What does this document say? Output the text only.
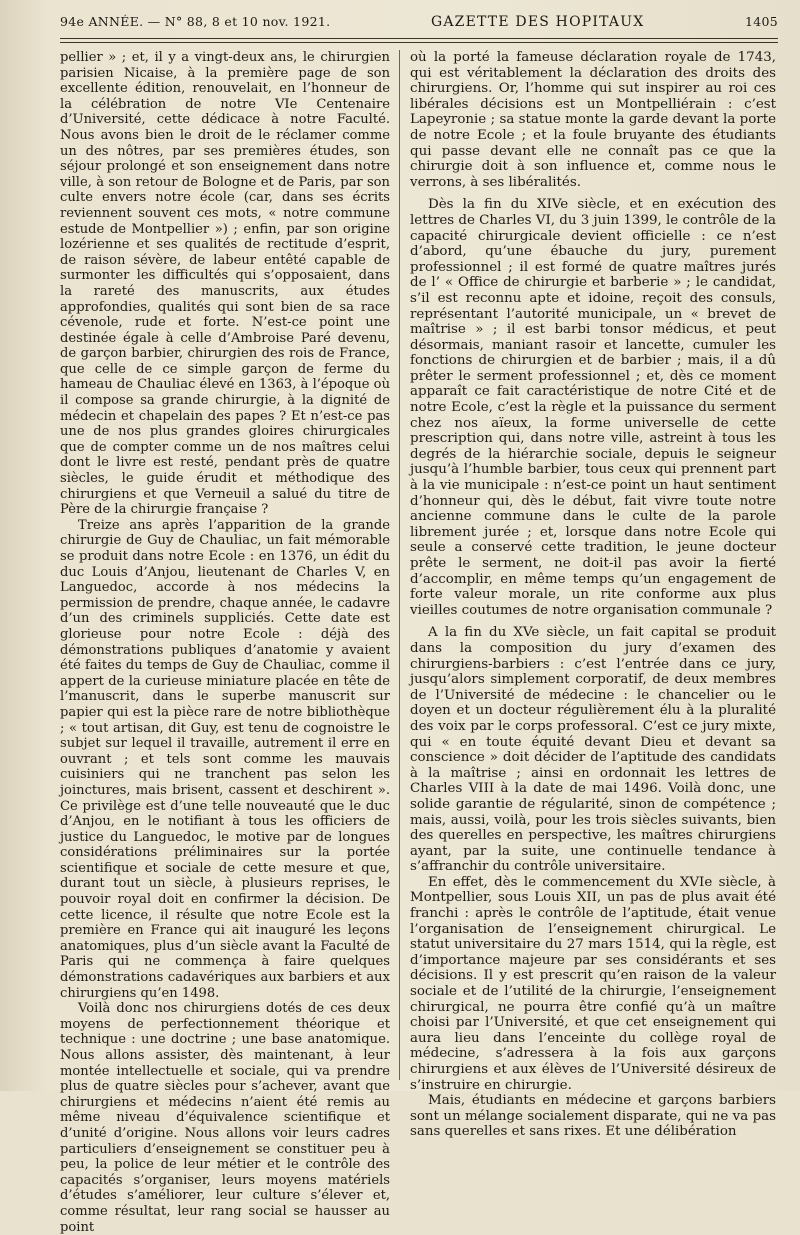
94e ANNÉE. — N° 88, 8 et 10 nov. 1921.	GAZETTE DES HOPITAUX	1405

pellier » ; et, il y a vingt-deux ans, le chirurgien parisien Nicaise, à la première page de son excellente édition, renouvelait, en l’honneur de la célébration de notre VIe Centenaire d’Université, cette dédicace à notre Faculté. Nous avons bien le droit de le réclamer comme un des nôtres, par ses premières études, son séjour prolongé et son enseignement dans notre ville, à son retour de Bologne et de Paris, par son culte envers notre école (car, dans ses écrits reviennent souvent ces mots, « notre commune estude de Montpellier ») ; enfin, par son origine lozérienne et ses qualités de rectitude d’esprit, de raison sévère, de labeur entêté capable de surmonter les difficultés qui s’opposaient, dans la rareté des manuscrits, aux études approfondies, qualités qui sont bien de sa race cévenole, rude et forte. N’est-ce point une destinée égale à celle d’Ambroise Paré devenu, de garçon barbier, chirurgien des rois de France, que celle de ce simple garçon de ferme du hameau de Chauliac élevé en 1363, à l’époque où il compose sa grande chirurgie, à la dignité de médecin et chapelain des papes ? Et n’est-ce pas une de nos plus grandes gloires chirurgicales que de compter comme un de nos maîtres celui dont le livre est resté, pendant près de quatre siècles, le guide érudit et méthodique des chirurgiens et que Verneuil a salué du titre de Père de la chirurgie française ?

Treize ans après l’apparition de la grande chirurgie de Guy de Chauliac, un fait mémorable se produit dans notre Ecole : en 1376, un édit du duc Louis d’Anjou, lieutenant de Charles V, en Languedoc, accorde à nos médecins la permission de prendre, chaque année, le cadavre d’un des criminels suppliciés. Cette date est glorieuse pour notre Ecole : déjà des démonstrations publiques d’anatomie y avaient été faites du temps de Guy de Chauliac, comme il appert de la curieuse miniature placée en tête de l’manuscrit, dans le superbe manuscrit sur papier qui est la pièce rare de notre bibliothèque ; « tout artisan, dit Guy, est tenu de cognoistre le subjet sur lequel il travaille, autrement il erre en ouvrant ; et tels sont comme les mauvais cuisiniers qui ne tranchent pas selon les joinctures, mais brisent, cassent et deschirent ». Ce privilège est d’une telle nouveauté que le duc d’Anjou, en le notifiant à tous les officiers de justice du Languedoc, le motive par de longues considérations préliminaires sur la portée scientifique et sociale de cette mesure et que, durant tout un siècle, à plusieurs reprises, le pouvoir royal doit en confirmer la décision. De cette licence, il résulte que notre Ecole est la première en France qui ait inauguré les leçons anatomiques, plus d’un siècle avant la Faculté de Paris qui ne commença à faire quelques démonstrations cadavériques aux barbiers et aux chirurgiens qu’en 1498.

Voilà donc nos chirurgiens dotés de ces deux moyens de perfectionnement théorique et technique : une doctrine ; une base anatomique. Nous allons assister, dès maintenant, à leur montée intellectuelle et sociale, qui va prendre plus de quatre siècles pour s’achever, avant que chirurgiens et médecins n’aient été remis au même niveau d’équivalence scientifique et d’unité d’origine. Nous allons voir leurs cadres particuliers d’enseignement se constituer peu à peu, la police de leur métier et le contrôle des capacités s’organiser, leurs moyens matériels d’études s’améliorer, leur culture s’élever et, comme résultat, leur rang social se hausser au point

où la porté la fameuse déclaration royale de 1743, qui est véritablement la déclaration des droits des chirurgiens. Or, l’homme qui sut inspirer au roi ces libérales décisions est un Montpelliérain : c’est Lapeyronie ; sa statue monte la garde devant la porte de notre Ecole ; et la foule bruyante des étudiants qui passe devant elle ne connaît pas ce que la chirurgie doit à son influence et, comme nous le verrons, à ses libéralités.

Dès la fin du XIVe siècle, et en exécution des lettres de Charles VI, du 3 juin 1399, le contrôle de la capacité chirurgicale devient officielle : ce n’est d’abord, qu’une ébauche du jury, purement professionnel ; il est formé de quatre maîtres jurés de l’ « Office de chirurgie et barberie » ; le candidat, s’il est reconnu apte et idoine, reçoit des consuls, représentant l’autorité municipale, un « brevet de maîtrise » ; il est barbi tonsor médicus, et peut désormais, maniant rasoir et lancette, cumuler les fonctions de chirurgien et de barbier ; mais, il a dû prêter le serment professionnel ; et, dès ce moment apparaît ce fait caractéristique de notre Cité et de notre Ecole, c’est la règle et la puissance du serment chez nos aïeux, la forme universelle de cette prescription qui, dans notre ville, astreint à tous les degrés de la hiérarchie sociale, depuis le seigneur jusqu’à l’humble barbier, tous ceux qui prennent part à la vie municipale : n’est-ce point un haut sentiment d’honneur qui, dès le début, fait vivre toute notre ancienne commune dans le culte de la parole librement jurée ; et, lorsque dans notre Ecole qui seule a conservé cette tradition, le jeune docteur prête le serment, ne doit-il pas avoir la fierté d’accomplir, en même temps qu’un engagement de forte valeur morale, un rite conforme aux plus vieilles coutumes de notre organisation communale ?

A la fin du XVe siècle, un fait capital se produit dans la composition du jury d’examen des chirurgiens-barbiers : c’est l’entrée dans ce jury, jusqu’alors simplement corporatif, de deux membres de l’Université de médecine : le chancelier ou le doyen et un docteur régulièrement élu à la pluralité des voix par le corps professoral. C’est ce jury mixte, qui « en toute équité devant Dieu et devant sa conscience » doit décider de l’aptitude des candidats à la maîtrise ; ainsi en ordonnait les lettres de Charles VIII à la date de mai 1496. Voilà donc, une solide garantie de régularité, sinon de compétence ; mais, aussi, voilà, pour les trois siècles suivants, bien des querelles en perspective, les maîtres chirurgiens ayant, par la suite, une continuelle tendance à s’affranchir du contrôle universitaire.

En effet, dès le commencement du XVIe siècle, à Montpellier, sous Louis XII, un pas de plus avait été franchi : après le contrôle de l’aptitude, était venue l’organisation de l’enseignement chirurgical. Le statut universitaire du 27 mars 1514, qui la règle, est d’importance majeure par ses considérants et ses décisions. Il y est prescrit qu’en raison de la valeur sociale et de l’utilité de la chirurgie, l’enseignement chirurgical, ne pourra être confié qu’à un maître choisi par l’Université, et que cet enseignement qui aura lieu dans l’enceinte du collège royal de médecine, s’adressera à la fois aux garçons chirurgiens et aux élèves de l’Université désireux de s’instruire en chirurgie.

Mais, étudiants en médecine et garçons barbiers sont un mélange socialement disparate, qui ne va pas sans querelles et sans rixes. Et une délibération
